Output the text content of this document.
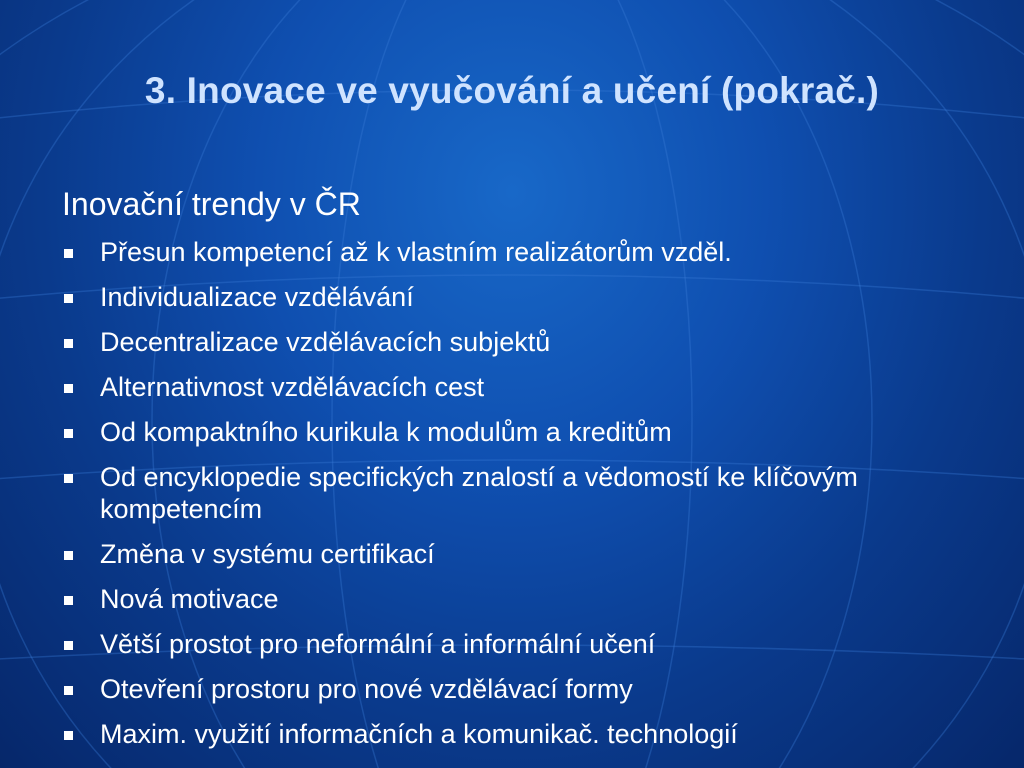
3. Inovace ve vyučování a učení (pokrač.)

Inovační trendy v ČR

Přesun kompetencí až k vlastním realizátorům vzděl.
Individualizace vzdělávání
Decentralizace vzdělávacích subjektů
Alternativnost vzdělávacích cest
Od kompaktního kurikula k modulům a kreditům
Od encyklopedie specifických znalostí a vědomostí ke klíčovým kompetencím
Změna v systému certifikací
Nová motivace
Větší prostot pro neformální a informální učení
Otevření prostoru pro nové vzdělávací formy
Maxim. využití informačních a komunikač. technologií
